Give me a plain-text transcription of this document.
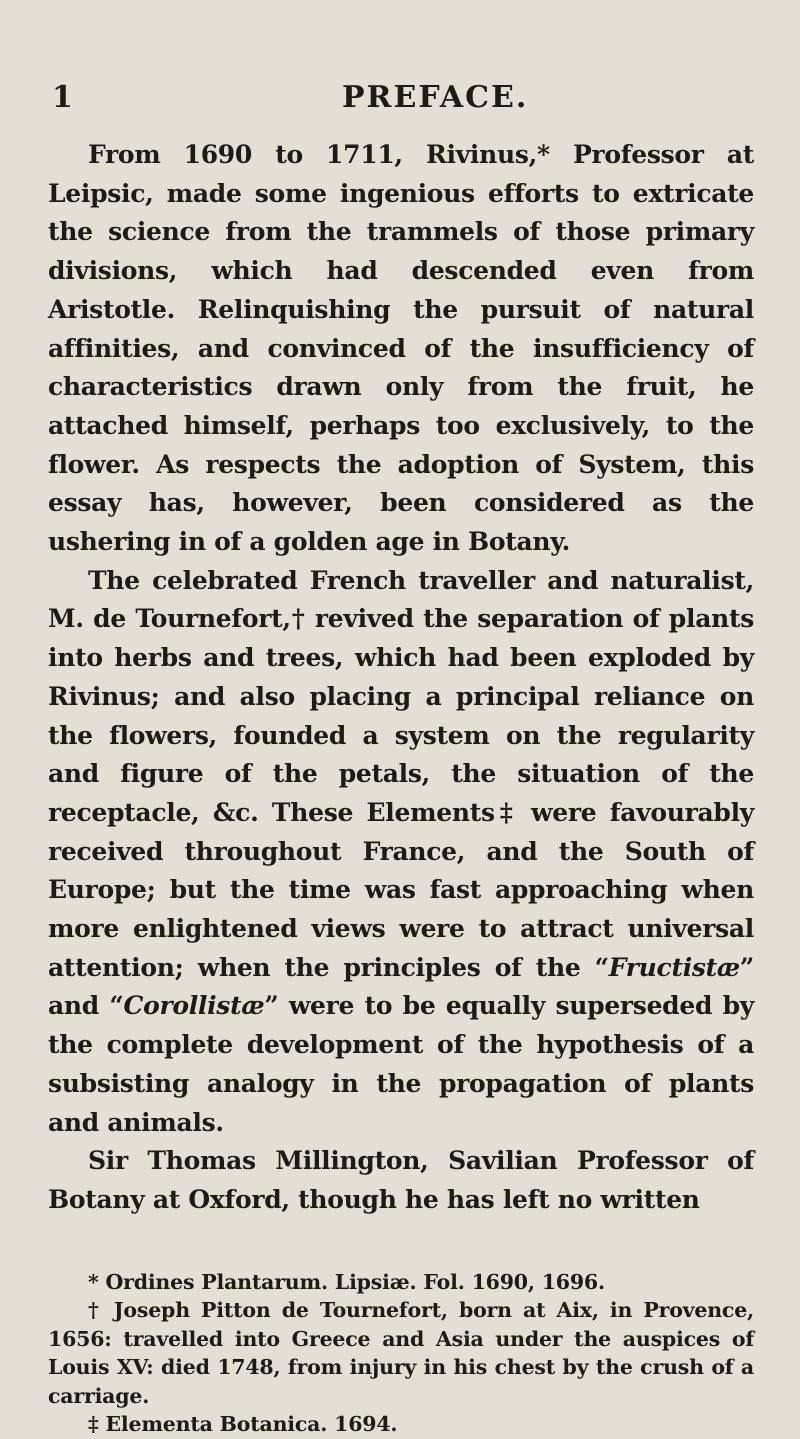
1	PREFACE.

From 1690 to 1711, Rivinus,* Professor at Leipsic, made some ingenious efforts to extricate the science from the trammels of those primary divisions, which had descended even from Aristotle. Relinquishing the pursuit of natural affinities, and convinced of the insufficiency of characteristics drawn only from the fruit, he attached himself, perhaps too exclusively, to the flower. As respects the adoption of System, this essay has, however, been considered as the ushering in of a golden age in Botany.

The celebrated French traveller and naturalist, M. de Tournefort,† revived the separation of plants into herbs and trees, which had been exploded by Rivinus; and also placing a principal reliance on the flowers, founded a system on the regularity and figure of the petals, the situation of the receptacle, &c. These Elements‡ were favourably received throughout France, and the South of Europe; but the time was fast approaching when more enlightened views were to attract universal attention; when the principles of the “Fructistæ” and “Corollistæ” were to be equally superseded by the complete development of the hypothesis of a subsisting analogy in the propagation of plants and animals.

Sir Thomas Millington, Savilian Professor of Botany at Oxford, though he has left no written

* Ordines Plantarum. Lipsiæ. Fol. 1690, 1696.

† Joseph Pitton de Tournefort, born at Aix, in Provence, 1656: travelled into Greece and Asia under the auspices of Louis XV: died 1748, from injury in his chest by the crush of a carriage.

‡ Elementa Botanica. 1694.
